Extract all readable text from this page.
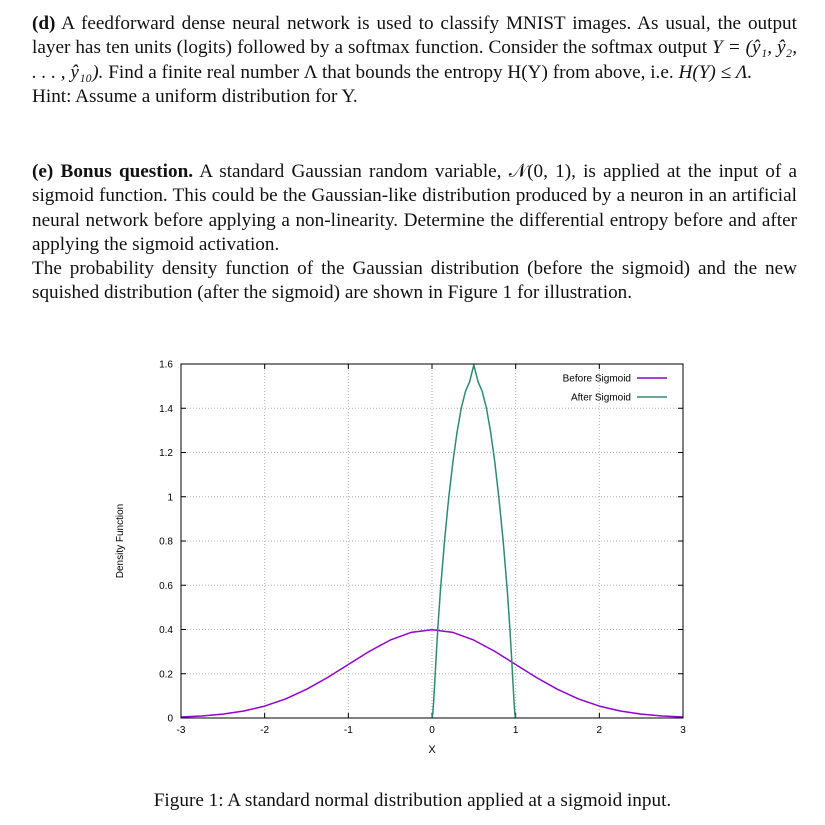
(d) A feedforward dense neural network is used to classify MNIST images. As usual, the output layer has ten units (logits) followed by a softmax function. Consider the softmax output Y = (ŷ₁, ŷ₂, . . . , ŷ₁₀). Find a finite real number Λ that bounds the entropy H(Y) from above, i.e. H(Y) ≤ Λ.

Hint: Assume a uniform distribution for Y.

(e) Bonus question. A standard Gaussian random variable, 𝒩(0, 1), is applied at the input of a sigmoid function. This could be the Gaussian-like distribution produced by a neuron in an artificial neural network before applying a non-linearity. Determine the differential entropy before and after applying the sigmoid activation.

The probability density function of the Gaussian distribution (before the sigmoid) and the new squished distribution (after the sigmoid) are shown in Figure 1 for illustration.

-3	-2	-1	0	1	2	3
0
0.2
0.4
0.6
0.8
1
1.2
1.4
1.6
Before Sigmoid
After Sigmoid
X
Density Function
Figure 1: A standard normal distribution applied at a sigmoid input.
